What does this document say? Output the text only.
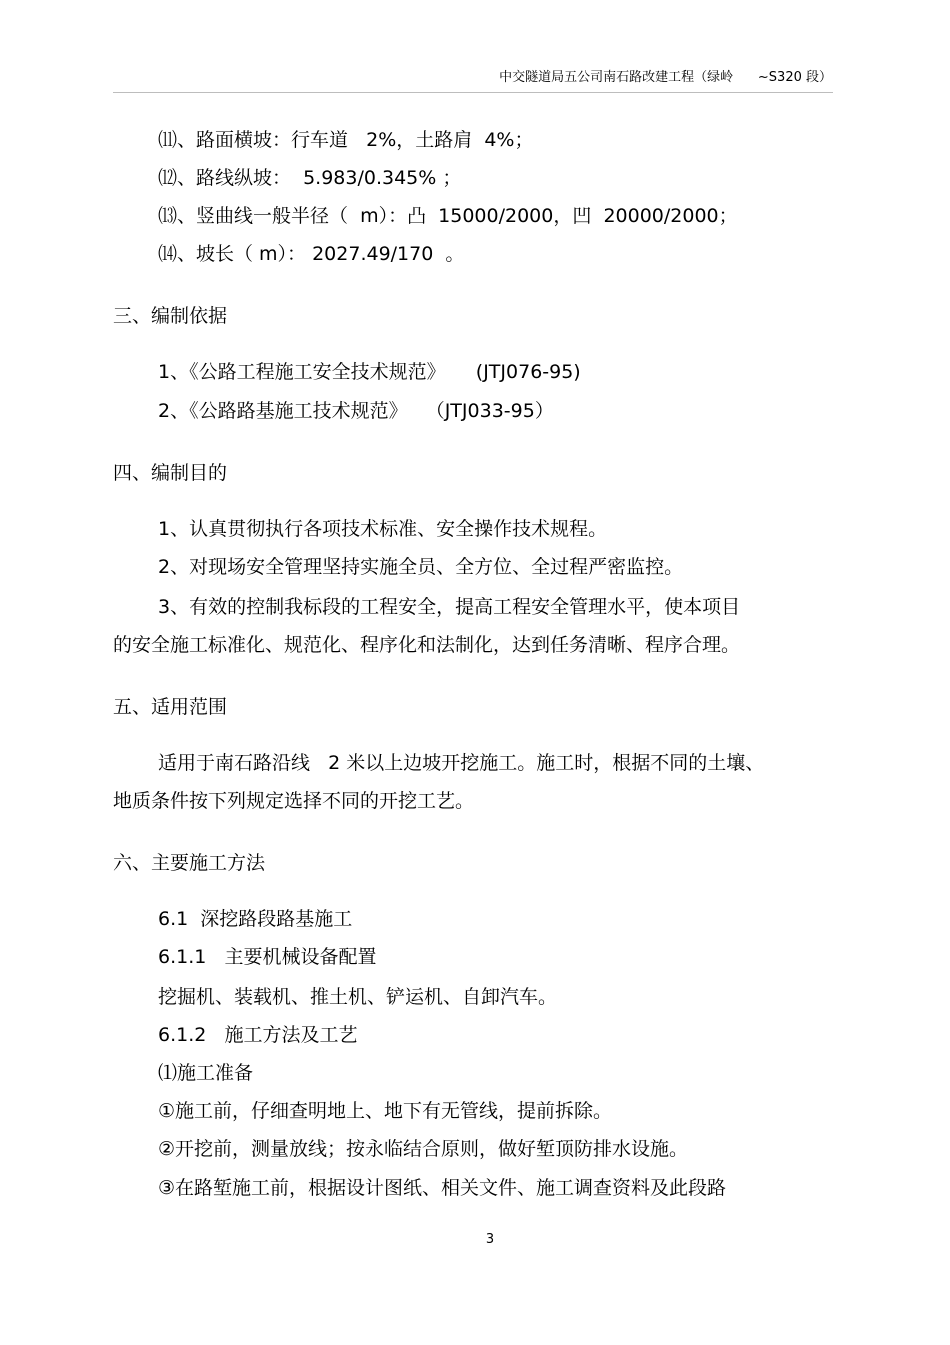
中交隧道局五公司南石路改建工程（绿岭      ~S320 段）
⑾、路面横坡：行车道   2%，土路肩  4%；
⑿、路线纵坡：  5.983/0.345% ；
⒀、竖曲线一般半径（  m）：凸  15000/2000，凹  20000/2000；
⒁、坡长（ m）： 2027.49/170  。
三、编制依据
1、《公路工程施工安全技术规范》     (JTJ076-95)
2、《公路路基施工技术规范》   （JTJ033-95）
四、编制目的
1、认真贯彻执行各项技术标准、安全操作技术规程。
2、对现场安全管理坚持实施全员、全方位、全过程严密监控。
3、有效的控制我标段的工程安全，提高工程安全管理水平，使本项目
的安全施工标准化、规范化、程序化和法制化，达到任务清晰、程序合理。
五、适用范围
适用于南石路沿线   2 米以上边坡开挖施工。施工时，根据不同的土壤、
地质条件按下列规定选择不同的开挖工艺。
六、主要施工方法
6.1  深挖路段路基施工
6.1.1   主要机械设备配置
挖掘机、装载机、推土机、铲运机、自卸汽车。
6.1.2   施工方法及工艺
⑴施工准备
①施工前，仔细查明地上、地下有无管线，提前拆除。
②开挖前，测量放线；按永临结合原则，做好堑顶防排水设施。
③在路堑施工前，根据设计图纸、相关文件、施工调查资料及此段路
3
